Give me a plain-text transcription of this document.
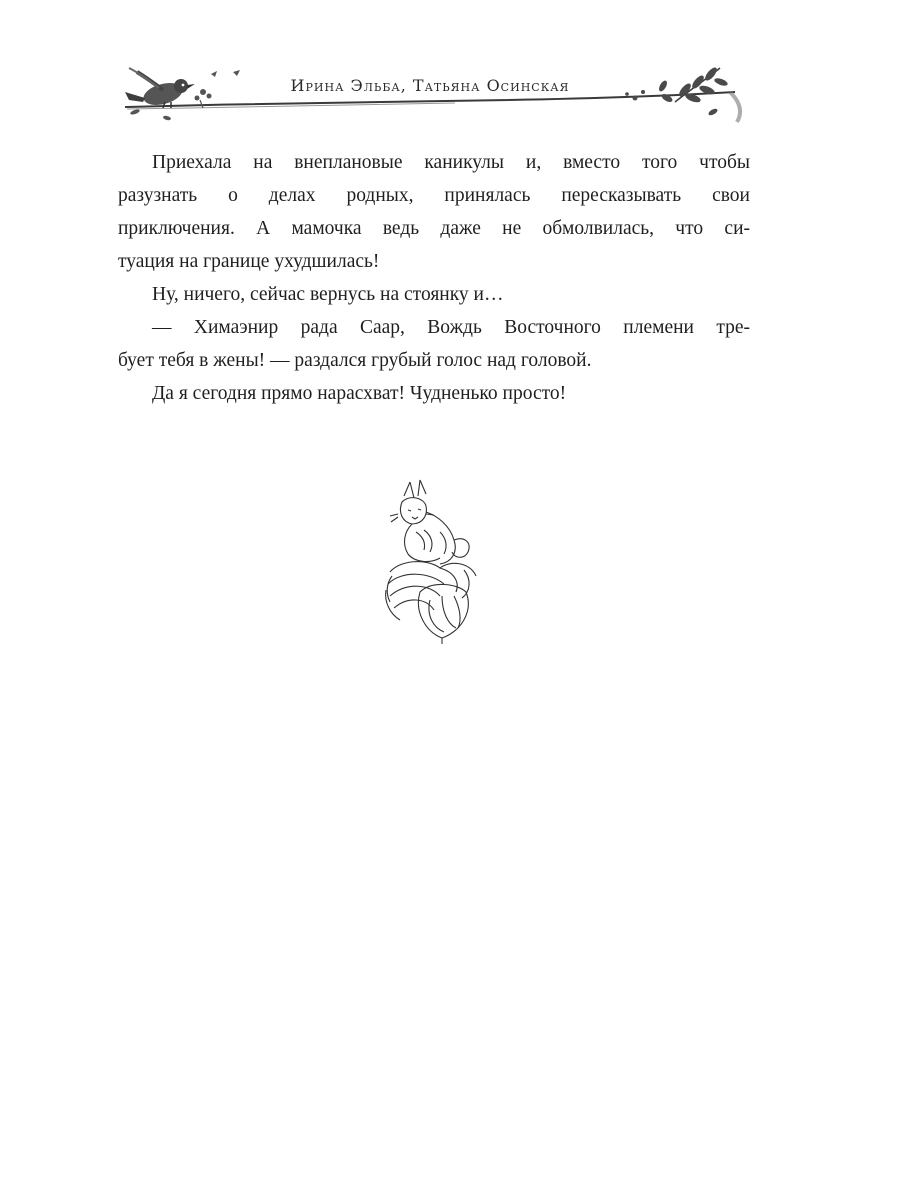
Ирина Эльба, Татьяна Осинская

Приехала на внеплановые каникулы и, вместо того чтобы
разузнать о делах родных, принялась пересказывать свои
приключения. А мамочка ведь даже не обмолвилась, что си-
туация на границе ухудшилась!

Ну, ничего, сейчас вернусь на стоянку и…

— Химаэнир рада Саар, Вождь Восточного племени тре-
бует тебя в жены! — раздался грубый голос над головой.

Да я сегодня прямо нарасхват! Чудненько просто!
